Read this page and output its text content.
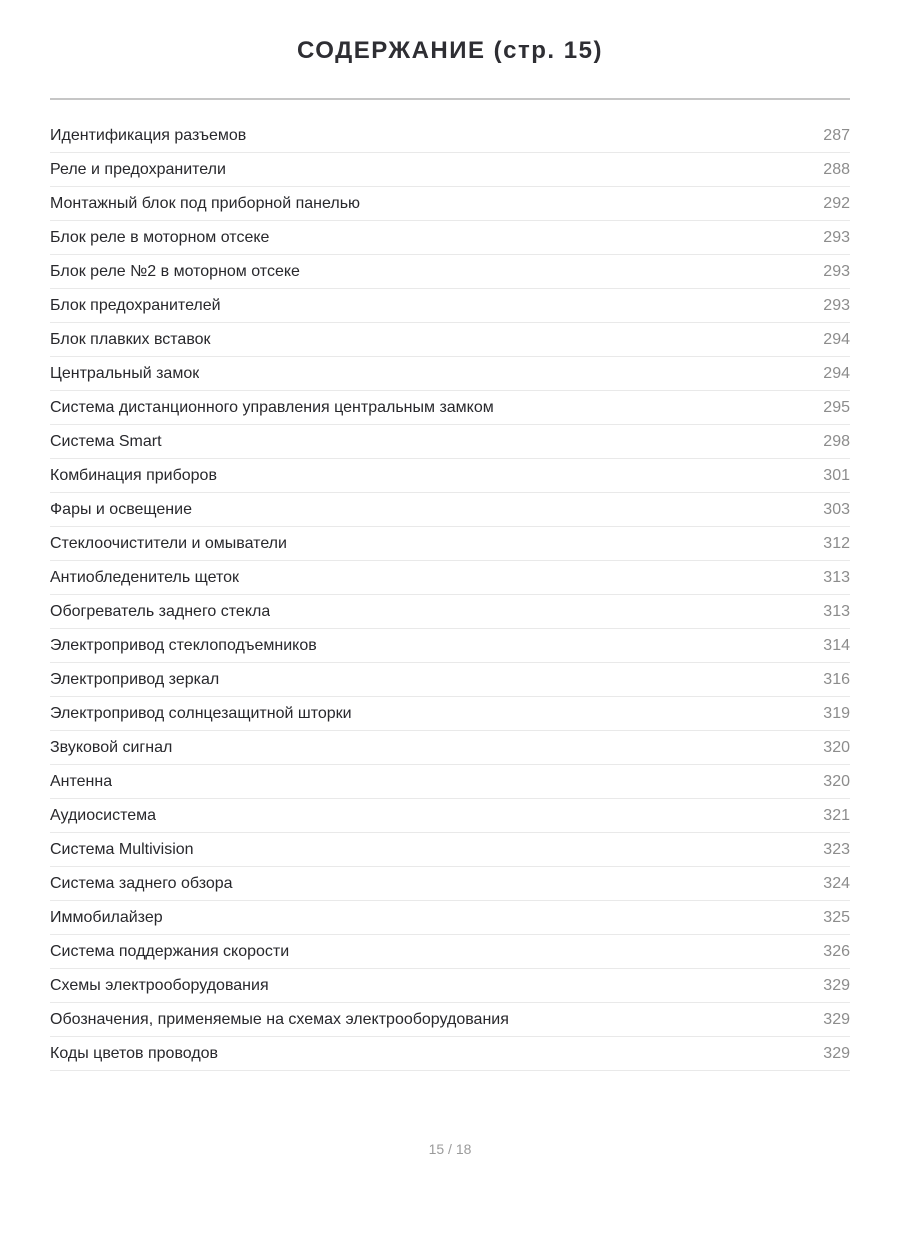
СОДЕРЖАНИЕ (стр. 15)
Идентификация разъемов	287
Реле и предохранители	288
Монтажный блок под приборной панелью	292
Блок реле в моторном отсеке	293
Блок реле №2 в моторном отсеке	293
Блок предохранителей	293
Блок плавких вставок	294
Центральный замок	294
Система дистанционного управления центральным замком	295
Система Smart	298
Комбинация приборов	301
Фары и освещение	303
Стеклоочистители и омыватели	312
Антиобледенитель щеток	313
Обогреватель заднего стекла	313
Электропривод стеклоподъемников	314
Электропривод зеркал	316
Электропривод солнцезащитной шторки	319
Звуковой сигнал	320
Антенна	320
Аудиосистема	321
Система Multivision	323
Система заднего обзора	324
Иммобилайзер	325
Система поддержания скорости	326
Схемы электрооборудования	329
Обозначения, применяемые на схемах электрооборудования	329
Коды цветов проводов	329
15 / 18
